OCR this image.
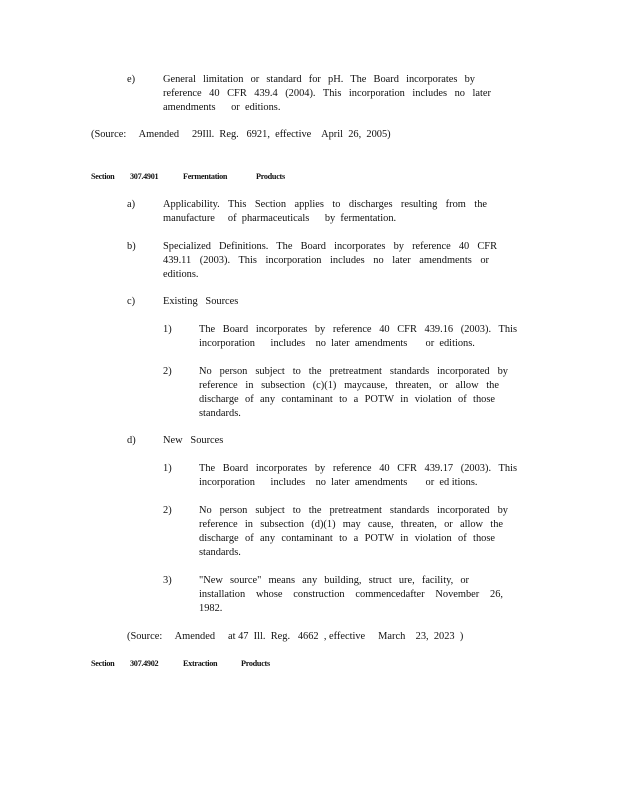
e)	General limitation or standard for pH. The Board incorporates by
reference 40 CFR 439.4 (2004). This incorporation includes no later
amendments      or  editions.
(Source:     Amended     29Ill.  Reg.   6921,  effective    April  26,  2005)
Section 307.4901	Fermentation	Products
a)	Applicability. This Section applies to discharges resulting from the
manufacture     of  pharmaceuticals      by  fermentation.
b)	Specialized Definitions. The Board incorporates by reference 40 CFR
439.11 (2003). This incorporation includes no later amendments or
editions.
c)	Existing   Sources
1)	The Board incorporates by reference 40 CFR 439.16 (2003). This
incorporation      includes    no  later  amendments       or  editions.
2)	No person subject to the pretreatment standards incorporated by
reference in subsection (c)(1) maycause, threaten, or allow the
discharge of any contaminant to a POTW in violation of those
standards.
d)	New   Sources
1)	The Board incorporates by reference 40 CFR 439.17 (2003). This
incorporation      includes    no  later  amendments       or  ed itions.
2)	No person subject to the pretreatment standards incorporated by
reference in subsection (d)(1) may cause, threaten, or allow the
discharge of any contaminant to a POTW in violation of those
standards.
3)	"New source" means any building, struct ure, facility, or
installation whose construction commencedafter November 26,
1982.
(Source:     Amended     at 47  Ill.  Reg.   4662  , effective     March    23,  2023  )
Section 307.4902	Extraction	Products
